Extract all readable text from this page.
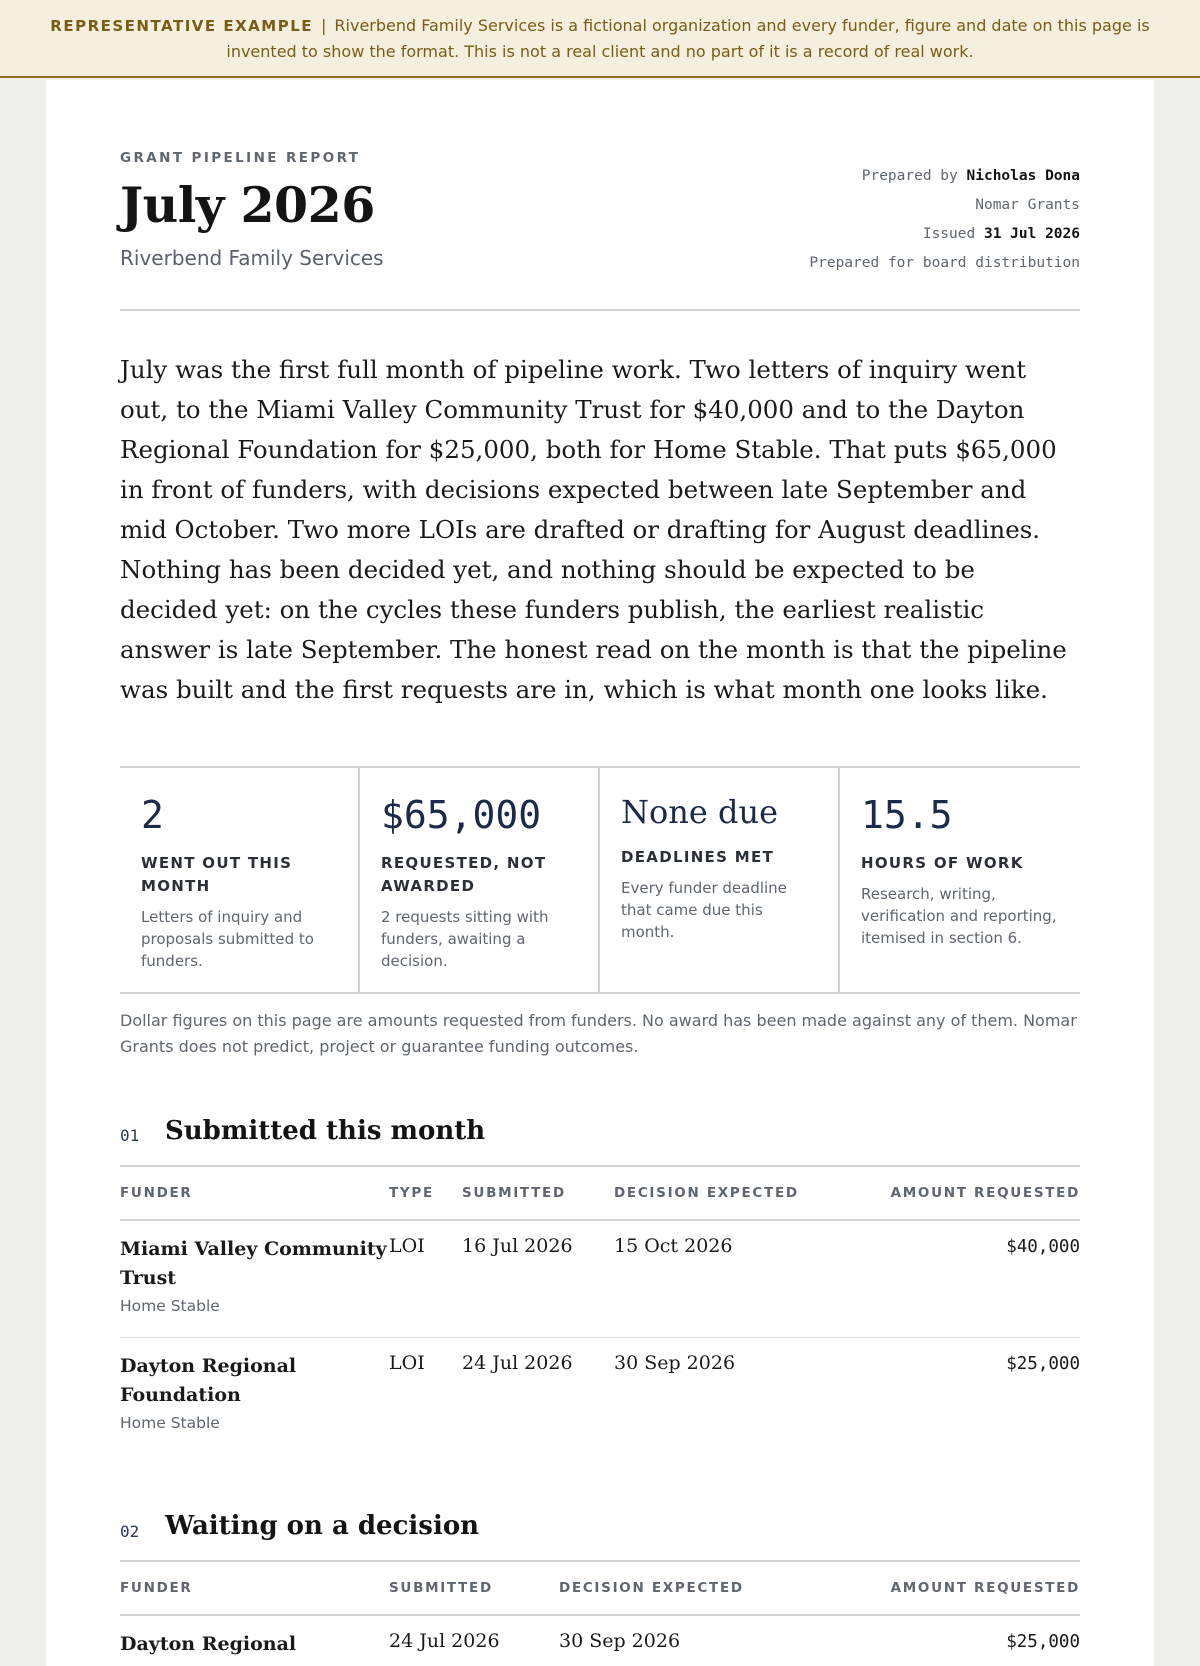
REPRESENTATIVE EXAMPLE | Riverbend Family Services is a fictional organization and every funder, figure and date on this page is invented to show the format. This is not a real client and no part of it is a record of real work.
GRANT PIPELINE REPORT
July 2026
Riverbend Family Services
Prepared by Nicholas Dona
Nomar Grants
Issued 31 Jul 2026
Prepared for board distribution

July was the first full month of pipeline work. Two letters of inquiry went out, to the Miami Valley Community Trust for $40,000 and to the Dayton Regional Foundation for $25,000, both for Home Stable. That puts $65,000 in front of funders, with decisions expected between late September and mid October. Two more LOIs are drafted or drafting for August deadlines. Nothing has been decided yet, and nothing should be expected to be decided yet: on the cycles these funders publish, the earliest realistic answer is late September. The honest read on the month is that the pipeline was built and the first requests are in, which is what month one looks like.

2
WENT OUT THIS MONTH
Letters of inquiry and proposals submitted to funders.
$65,000
REQUESTED, NOT AWARDED
2 requests sitting with funders, awaiting a decision.
None due
DEADLINES MET
Every funder deadline that came due this month.
15.5
HOURS OF WORK
Research, writing, verification and reporting, itemised in section 6.

Dollar figures on this page are amounts requested from funders. No award has been made against any of them. Nomar Grants does not predict, project or guarantee funding outcomes.

01 Submitted this month
FUNDER	TYPE	SUBMITTED	DECISION EXPECTED	AMOUNT REQUESTED

Miami Valley Community Trust
Home Stable	LOI	16 Jul 2026	15 Oct 2026	$40,000

Dayton Regional Foundation
Home Stable	LOI	24 Jul 2026	30 Sep 2026	$25,000
02 Waiting on a decision
FUNDER	SUBMITTED	DECISION EXPECTED	AMOUNT REQUESTED

Dayton Regional	24 Jul 2026	30 Sep 2026	$25,000
